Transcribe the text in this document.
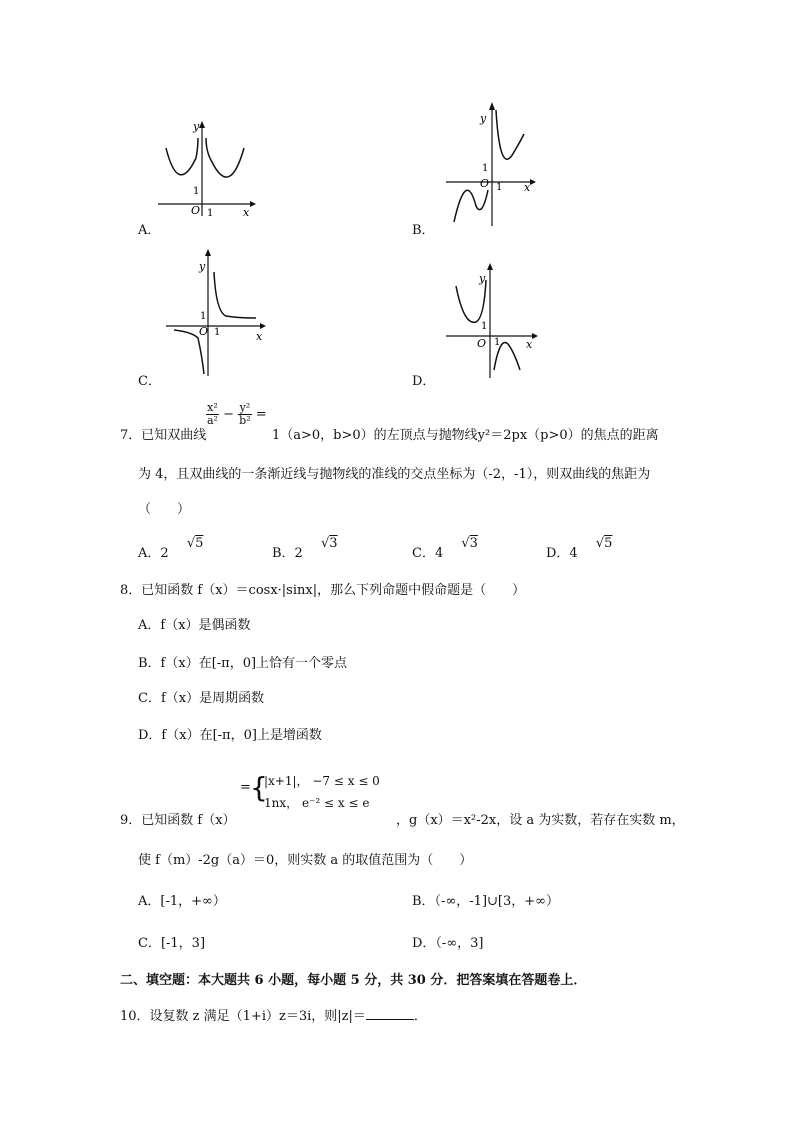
1
1
O	x
y
A．
1
1
O	x
y
B．
1
1
O	x
y
C．
1
1
O	x
y
D．
7．已知双曲线
$\frac{\text{x²}}{\text{a²}} - \frac{\text{y²}}{\text{b²}}$ =
1（a>0，b>0）的左顶点与抛物线y²＝2px（p>0）的焦点的距离
为 4，且双曲线的一条渐近线与抛物线的准线的交点坐标为（-2，-1），则双曲线的焦距为
（　　）
A．2 √5
B．2 √3
C．4 √3
D．4 √5
8．已知函数 f（x）＝cosx·|sinx|，那么下列命题中假命题是（　　）
A．f（x）是偶函数
B．f（x）在[-π，0]上恰有一个零点
C．f（x）是周期函数
D．f（x）在[-π，0]上是增函数
9．已知函数 f（x）
= {
|x+1|， −7 ≤ x ≤ 0
1nx， e⁻² ≤ x ≤ e
，g（x）＝x²-2x，设 a 为实数，若存在实数 m，
使 f（m）-2g（a）＝0，则实数 a 的取值范围为（　　）
A．[-1，+∞）	B．（-∞，-1]∪[3，+∞）
C．[-1，3]	D．（-∞，3]
二、填空题：本大题共 6 小题，每小题 5 分，共 30 分．把答案填在答题卷上．
10．设复数 z 满足（1+i）z＝3i，则|z|＝	．
